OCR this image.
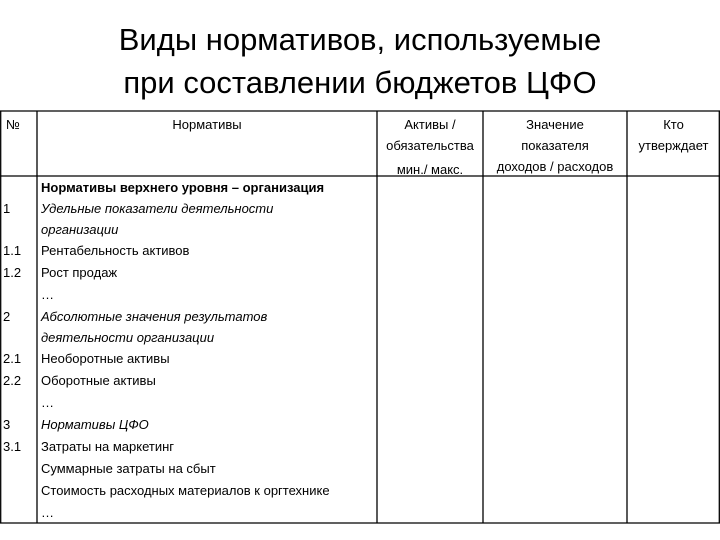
Виды нормативов, используемые
при составлении бюджетов ЦФО
№	Нормативы	Активы /
обязательства
мин./ макс.
Значение
показателя
доходов / расходов
Кто
утверждает
Нормативы верхнего уровня – организация
1 Удельные показатели деятельности
организации
1.1 Рентабельность активов
1.2 Рост продаж
…
2 Абсолютные значения результатов
деятельности организации
2.1 Необоротные активы
2.2 Оборотные активы
…
3 Нормативы ЦФО
3.1 Затраты на маркетинг
Суммарные затраты на сбыт
Стоимость расходных материалов к оргтехнике
…
